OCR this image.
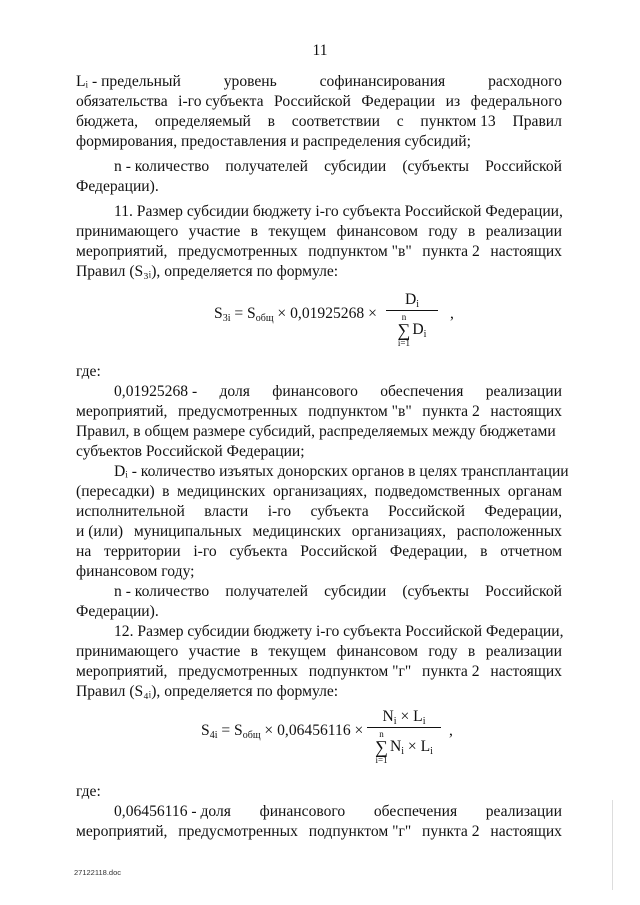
11
Lᵢ - предельный	уровень	софинансирования	расходного
обязательства i-го субъекта Российской Федерации из федерального
бюджета, определяемый в соответствии с пунктом 13 Правил
формирования, предоставления и распределения субсидий;
n - количество получателей субсидии (субъекты Российской
Федерации).
11. Размер субсидии бюджету i-го субъекта Российской Федерации,
принимающего участие в текущем финансовом году в реализации
мероприятий, предусмотренных подпунктом "в" пункта 2 настоящих
Правил (S₃ᵢ), определяется по формуле:
где:
0,01925268 - доля финансового обеспечения реализации
мероприятий, предусмотренных подпунктом "в" пункта 2 настоящих
Правил, в общем размере субсидий, распределяемых между бюджетами
субъектов Российской Федерации;
Dᵢ - количество изъятых донорских органов в целях трансплантации
(пересадки) в медицинских организациях, подведомственных органам
исполнительной власти i-го субъекта Российской Федерации,
и (или) муниципальных медицинских организациях, расположенных
на территории i-го субъекта Российской Федерации, в отчетном
финансовом году;
n - количество получателей субсидии (субъекты Российской
Федерации).
12. Размер субсидии бюджету i-го субъекта Российской Федерации,
принимающего участие в текущем финансовом году в реализации
мероприятий, предусмотренных подпунктом "г" пункта 2 настоящих
Правил (S₄ᵢ), определяется по формуле:
где:
0,06456116 - доля финансового обеспечения реализации
мероприятий, предусмотренных подпунктом "г" пункта 2 настоящих
$S_{3i} = S_{общ} \times 0,01925268$ ×
$D_i$
n
∑
i=1
$D_i$
,
$S_{4i} = S_{общ} \times 0,06456116$ ×
$N_i \times L_i$
n
∑
i=1
$N_i \times L_i$
,
27122118.doc
